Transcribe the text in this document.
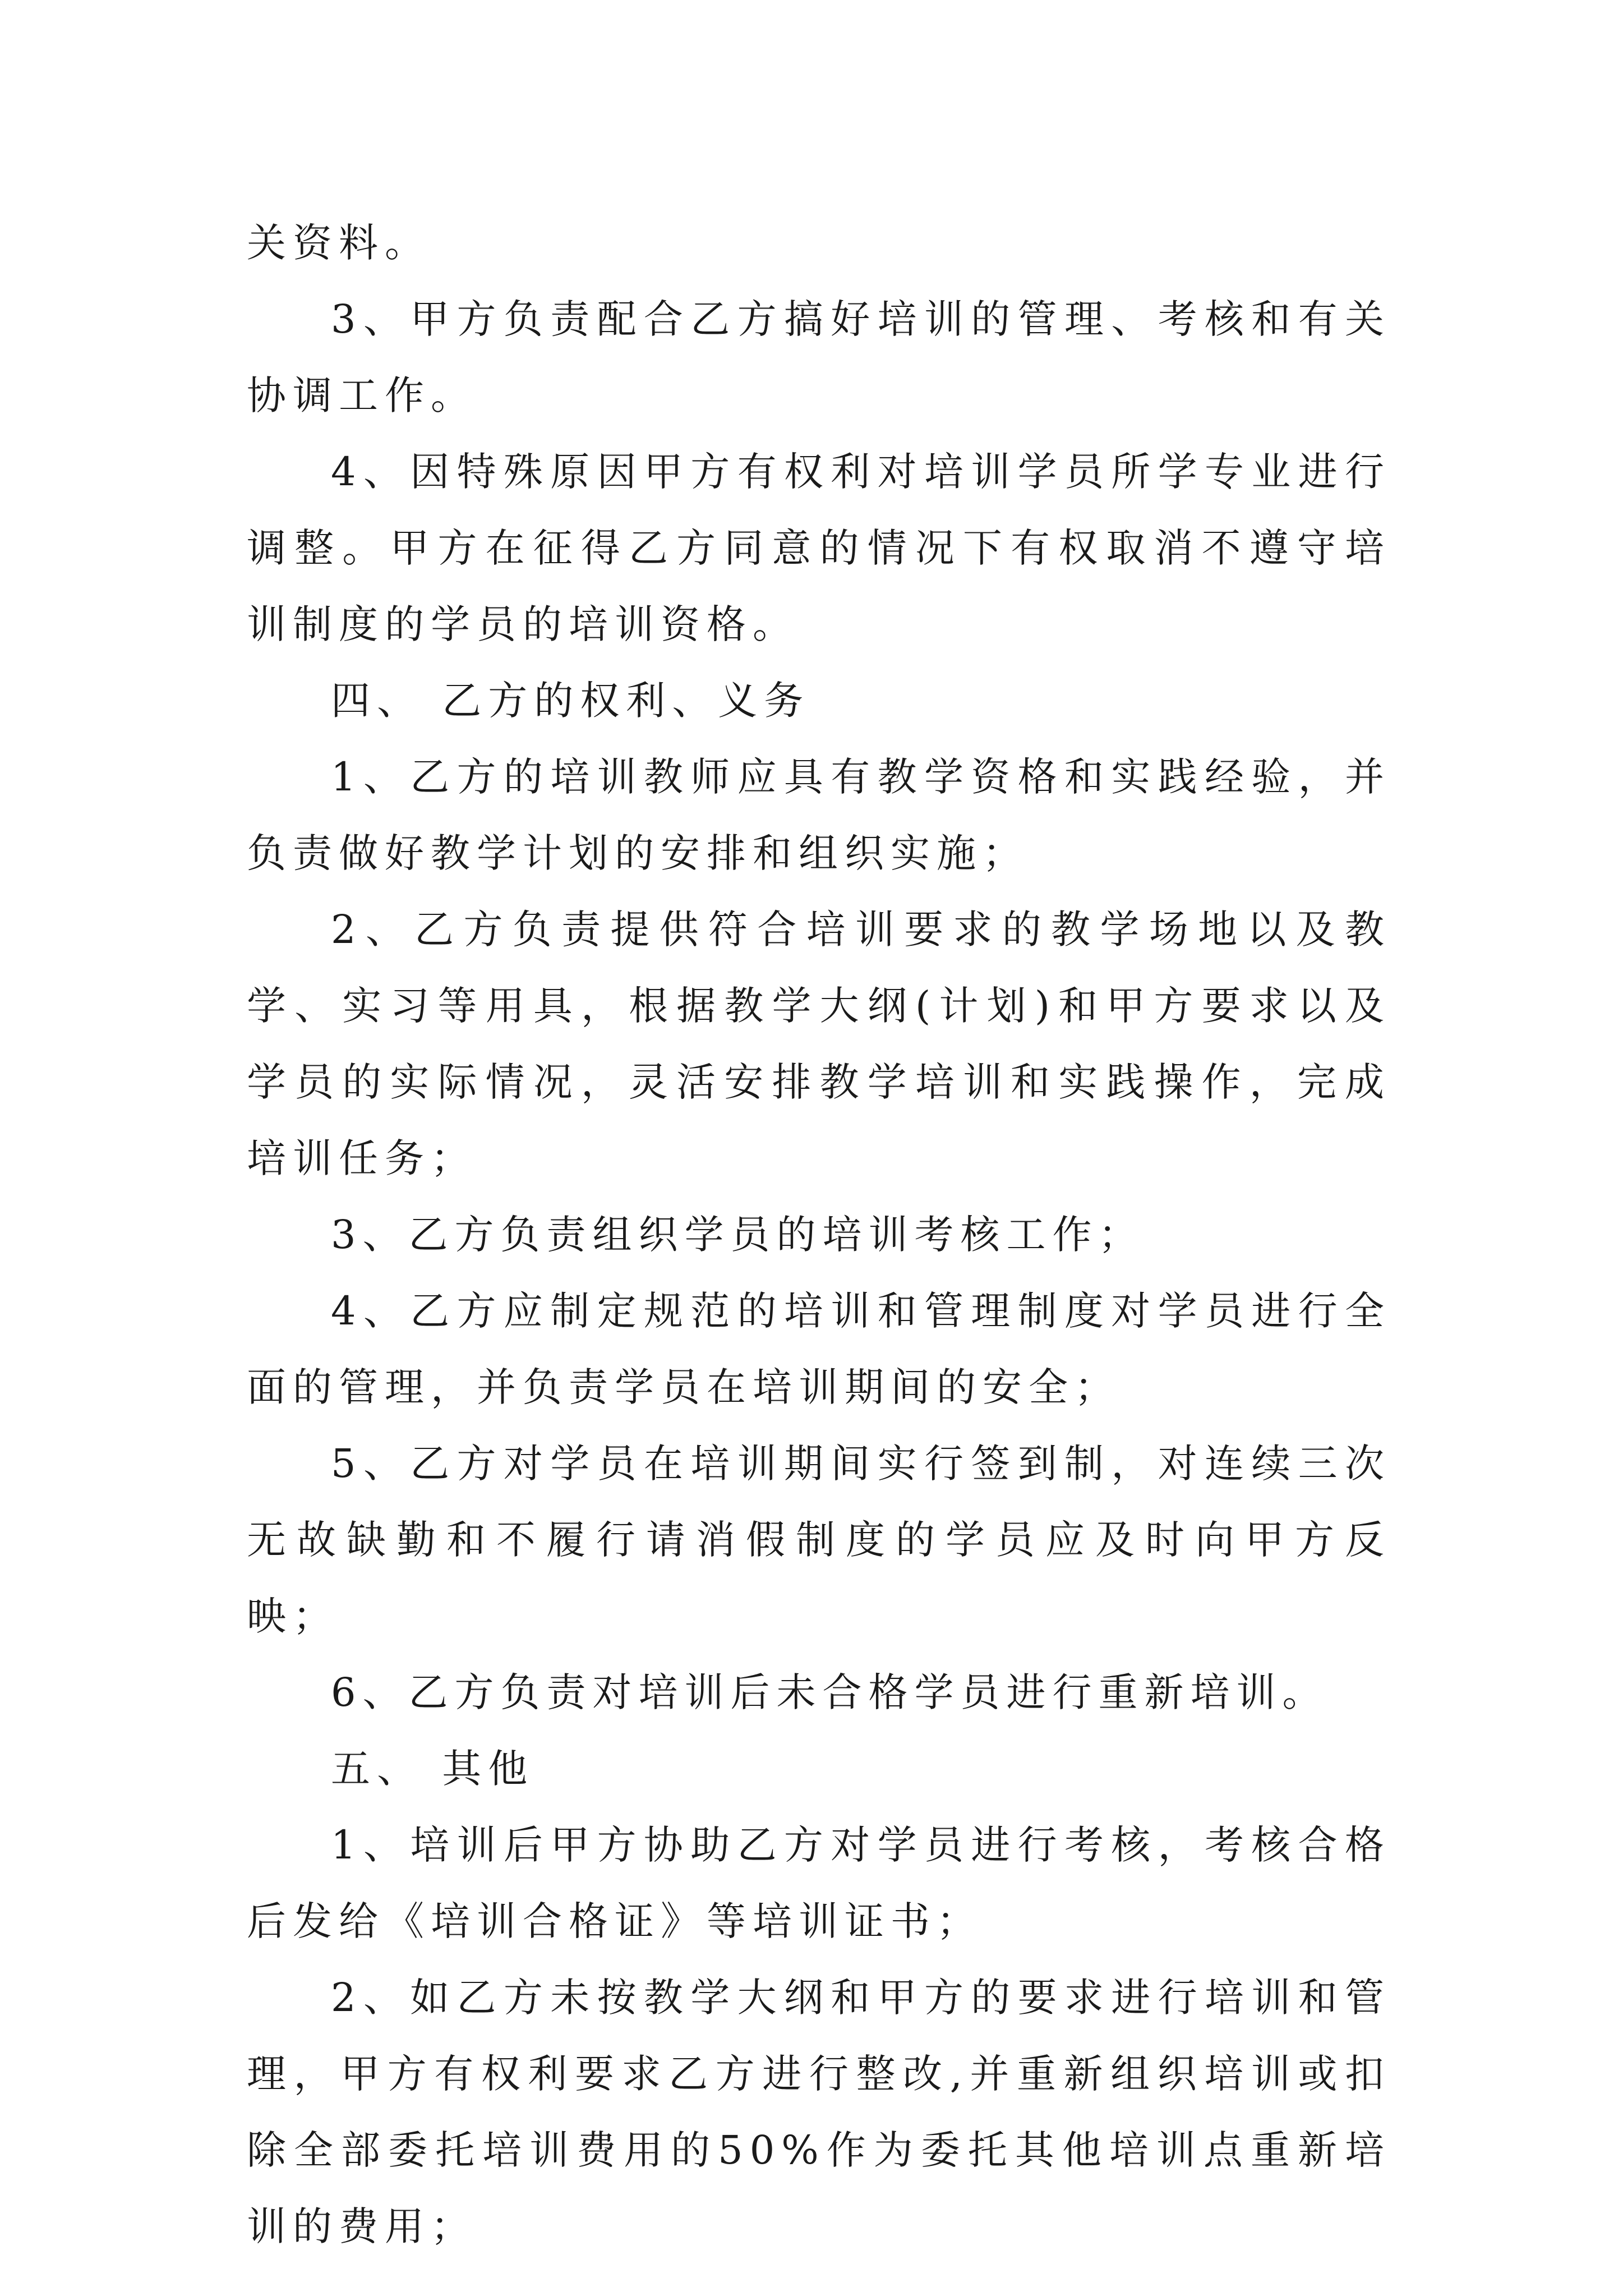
关资料。

3、甲方负责配合乙方搞好培训的管理、考核和有关协调工作。

4、因特殊原因甲方有权利对培训学员所学专业进行调整。甲方在征得乙方同意的情况下有权取消不遵守培训制度的学员的培训资格。

四、 乙方的权利、义务

1、乙方的培训教师应具有教学资格和实践经验，并负责做好教学计划的安排和组织实施；

2、乙方负责提供符合培训要求的教学场地以及教学、实习等用具，根据教学大纲(计划)和甲方要求以及学员的实际情况，灵活安排教学培训和实践操作，完成培训任务；

3、乙方负责组织学员的培训考核工作；

4、乙方应制定规范的培训和管理制度对学员进行全面的管理，并负责学员在培训期间的安全；

5、乙方对学员在培训期间实行签到制，对连续三次无故缺勤和不履行请消假制度的学员应及时向甲方反映；

6、乙方负责对培训后未合格学员进行重新培训。

五、 其他

1、培训后甲方协助乙方对学员进行考核，考核合格后发给《培训合格证》等培训证书；

2、如乙方未按教学大纲和甲方的要求进行培训和管理，甲方有权利要求乙方进行整改,并重新组织培训或扣除全部委托培训费用的50%作为委托其他培训点重新培训的费用；
